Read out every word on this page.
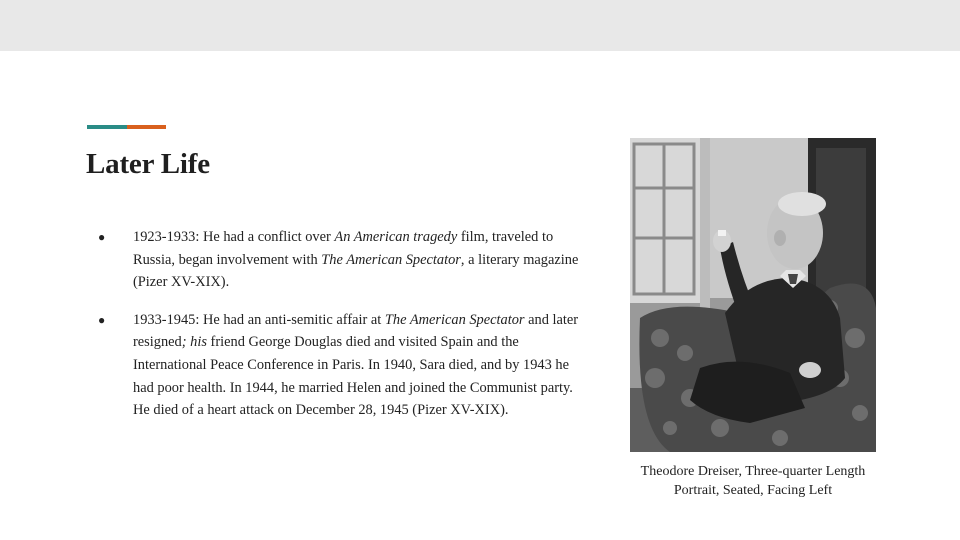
Later Life
● 1923-1933: He had a conflict over An American tragedy film, traveled to Russia, began involvement with The American Spectator, a literary magazine (Pizer XV-XIX).
● 1933-1945: He had an anti-semitic affair at The American Spectator and later resigned; his friend George Douglas died and visited Spain and the International Peace Conference in Paris. In 1940, Sara died, and by 1943 he had poor health. In 1944, he married Helen and joined the Communist party. He died of a heart attack on December 28, 1945 (Pizer XV-XIX).

Theodore Dreiser, Three-quarter Length Portrait, Seated, Facing Left
